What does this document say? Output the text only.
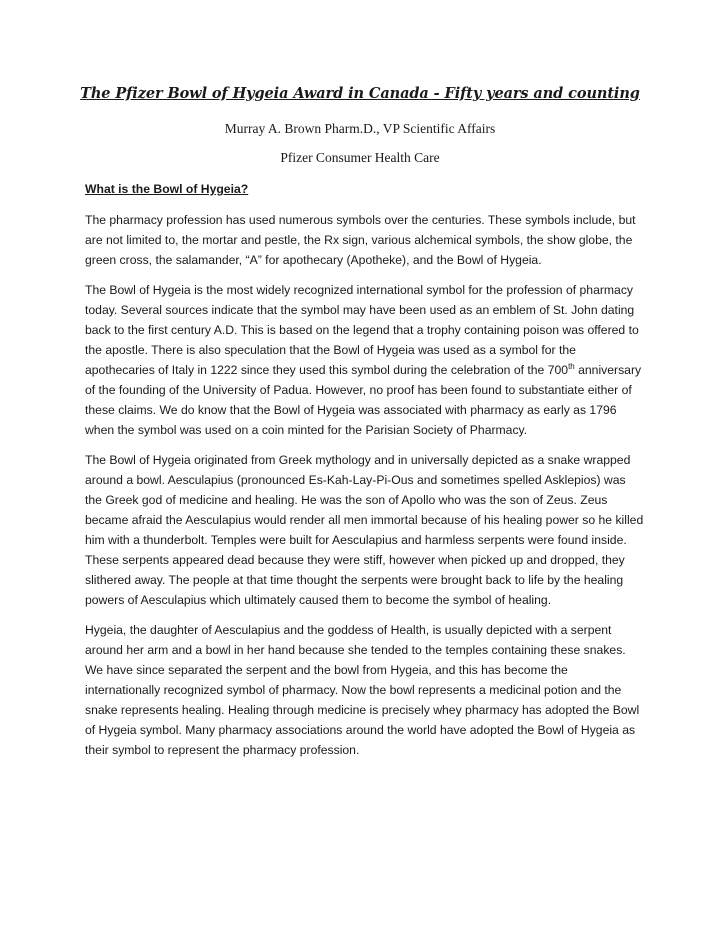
The Pfizer Bowl of Hygeia Award in Canada - Fifty years and counting
Murray A. Brown Pharm.D., VP Scientific Affairs
Pfizer Consumer Health Care
What is the Bowl of Hygeia?

The pharmacy profession has used numerous symbols over the centuries. These symbols include, but are not limited to, the mortar and pestle, the Rx sign, various alchemical symbols, the show globe, the green cross, the salamander, “A” for apothecary (Apotheke), and the Bowl of Hygeia.

The Bowl of Hygeia is the most widely recognized international symbol for the profession of pharmacy today. Several sources indicate that the symbol may have been used as an emblem of St. John dating back to the first century A.D. This is based on the legend that a trophy containing poison was offered to the apostle. There is also speculation that the Bowl of Hygeia was used as a symbol for the apothecaries of Italy in 1222 since they used this symbol during the celebration of the 700th anniversary of the founding of the University of Padua. However, no proof has been found to substantiate either of these claims. We do know that the Bowl of Hygeia was associated with pharmacy as early as 1796 when the symbol was used on a coin minted for the Parisian Society of Pharmacy.

The Bowl of Hygeia originated from Greek mythology and in universally depicted as a snake wrapped around a bowl. Aesculapius (pronounced Es-Kah-Lay-Pi-Ous and sometimes spelled Asklepios) was the Greek god of medicine and healing. He was the son of Apollo who was the son of Zeus. Zeus became afraid the Aesculapius would render all men immortal because of his healing power so he killed him with a thunderbolt. Temples were built for Aesculapius and harmless serpents were found inside. These serpents appeared dead because they were stiff, however when picked up and dropped, they slithered away. The people at that time thought the serpents were brought back to life by the healing powers of Aesculapius which ultimately caused them to become the symbol of healing.

Hygeia, the daughter of Aesculapius and the goddess of Health, is usually depicted with a serpent around her arm and a bowl in her hand because she tended to the temples containing these snakes. We have since separated the serpent and the bowl from Hygeia, and this has become the internationally recognized symbol of pharmacy. Now the bowl represents a medicinal potion and the snake represents healing. Healing through medicine is precisely whey pharmacy has adopted the Bowl of Hygeia symbol. Many pharmacy associations around the world have adopted the Bowl of Hygeia as their symbol to represent the pharmacy profession.
